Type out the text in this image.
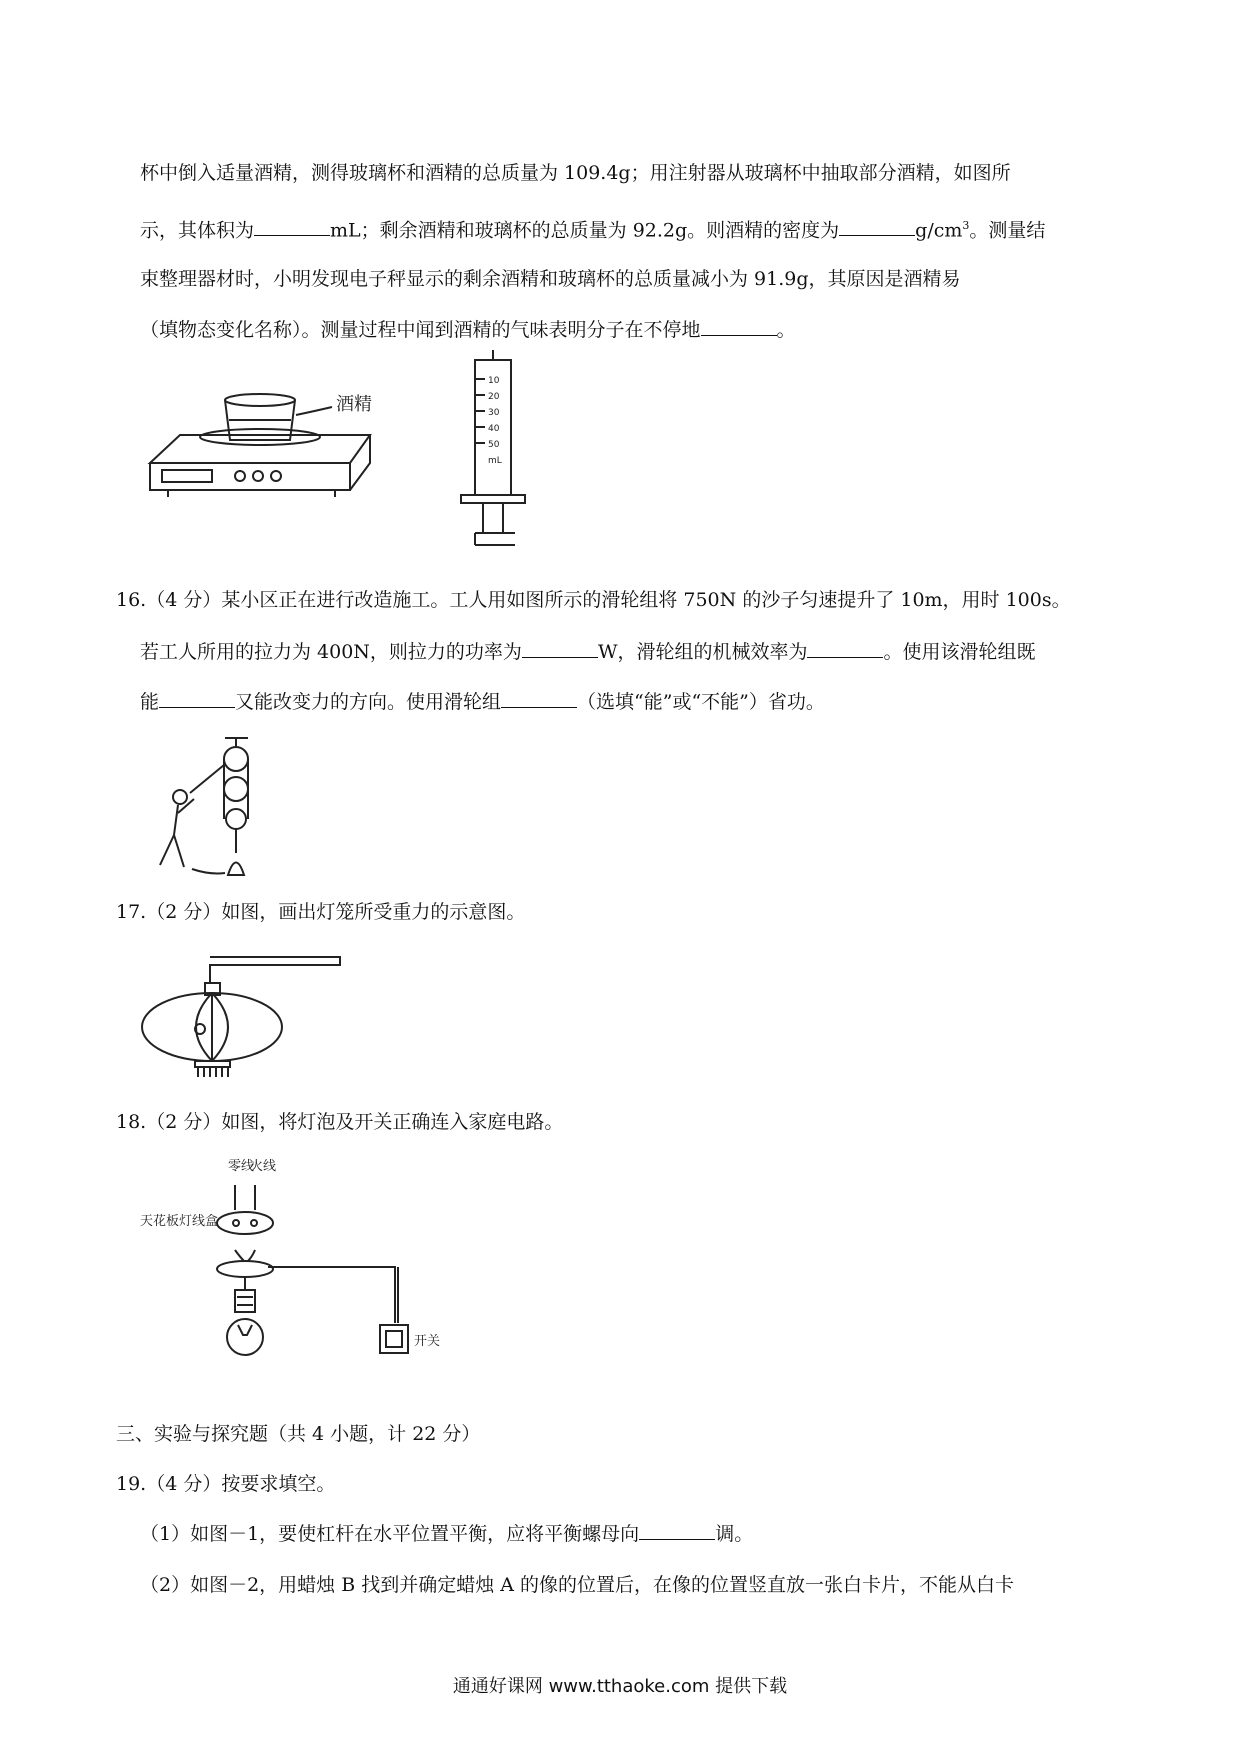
杯中倒入适量酒精，测得玻璃杯和酒精的总质量为 109.4g；用注射器从玻璃杯中抽取部分酒精，如图所
示，其体积为	mL；剩余酒精和玻璃杯的总质量为 92.2g。则酒精的密度为	$g/cm^3$。测量结
束整理器材时，小明发现电子秤显示的剩余酒精和玻璃杯的总质量减小为 91.9g，其原因是酒精易
（填物态变化名称）。测量过程中闻到酒精的气味表明分子在不停地	。
酒精
10
20
30
40
50
mL
16.（4 分）某小区正在进行改造施工。工人用如图所示的滑轮组将 750N 的沙子匀速提升了 10m，用时 100s。
若工人所用的拉力为 400N，则拉力的功率为	W，滑轮组的机械效率为	。使用该滑轮组既
能	又能改变力的方向。使用滑轮组	（选填“能”或“不能”）省功。
17.（2 分）如图，画出灯笼所受重力的示意图。
18.（2 分）如图，将灯泡及开关正确连入家庭电路。
零线
火线
天花板灯线盒
开关
三、实验与探究题（共 4 小题，计 22 分）
19.（4 分）按要求填空。
（1）如图－1，要使杠杆在水平位置平衡，应将平衡螺母向	调。
（2）如图－2，用蜡烛 B 找到并确定蜡烛 A 的像的位置后，在像的位置竖直放一张白卡片，不能从白卡
通通好课网 www.tthaoke.com 提供下载
